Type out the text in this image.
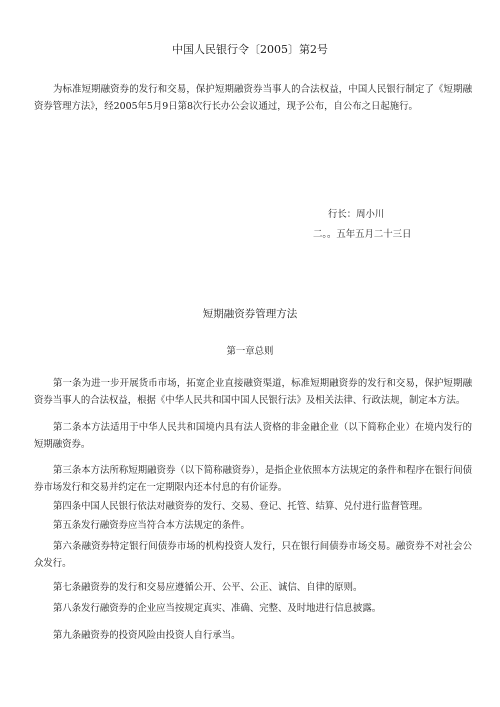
中国人民银行令〔2005〕第2号

为标准短期融资券的发行和交易，保护短期融资券当事人的合法权益，中国人民银行制定了《短期融资券管理方法》，经2005年5月9日第8次行长办公会议通过，现予公布，自公布之日起施行。

行长：周小川
二。。五年五月二十三日
短期融资券管理方法
第一章总则

第一条为进一步开展货币市场，拓宽企业直接融资渠道，标准短期融资券的发行和交易，保护短期融资券当事人的合法权益，根据《中华人民共和国中国人民银行法》及相关法律、行政法规，制定本方法。

第二条本方法适用于中华人民共和国境内具有法人资格的非金融企业（以下简称企业）在境内发行的短期融资券。

第三条本方法所称短期融资券（以下简称融资券），是指企业依照本方法规定的条件和程序在银行间债券市场发行和交易并约定在一定期限内还本付息的有价证券。

第四条中国人民银行依法对融资券的发行、交易、登记、托管、结算、兑付进行监督管理。

第五条发行融资券应当符合本方法规定的条件。

第六条融资券特定银行间债券市场的机构投资人发行，只在银行间债券市场交易。融资券不对社会公众发行。

第七条融资券的发行和交易应遵循公开、公平、公正、诚信、自律的原则。

第八条发行融资券的企业应当按规定真实、准确、完整、及时地进行信息披露。

第九条融资券的投资风险由投资人自行承当。
